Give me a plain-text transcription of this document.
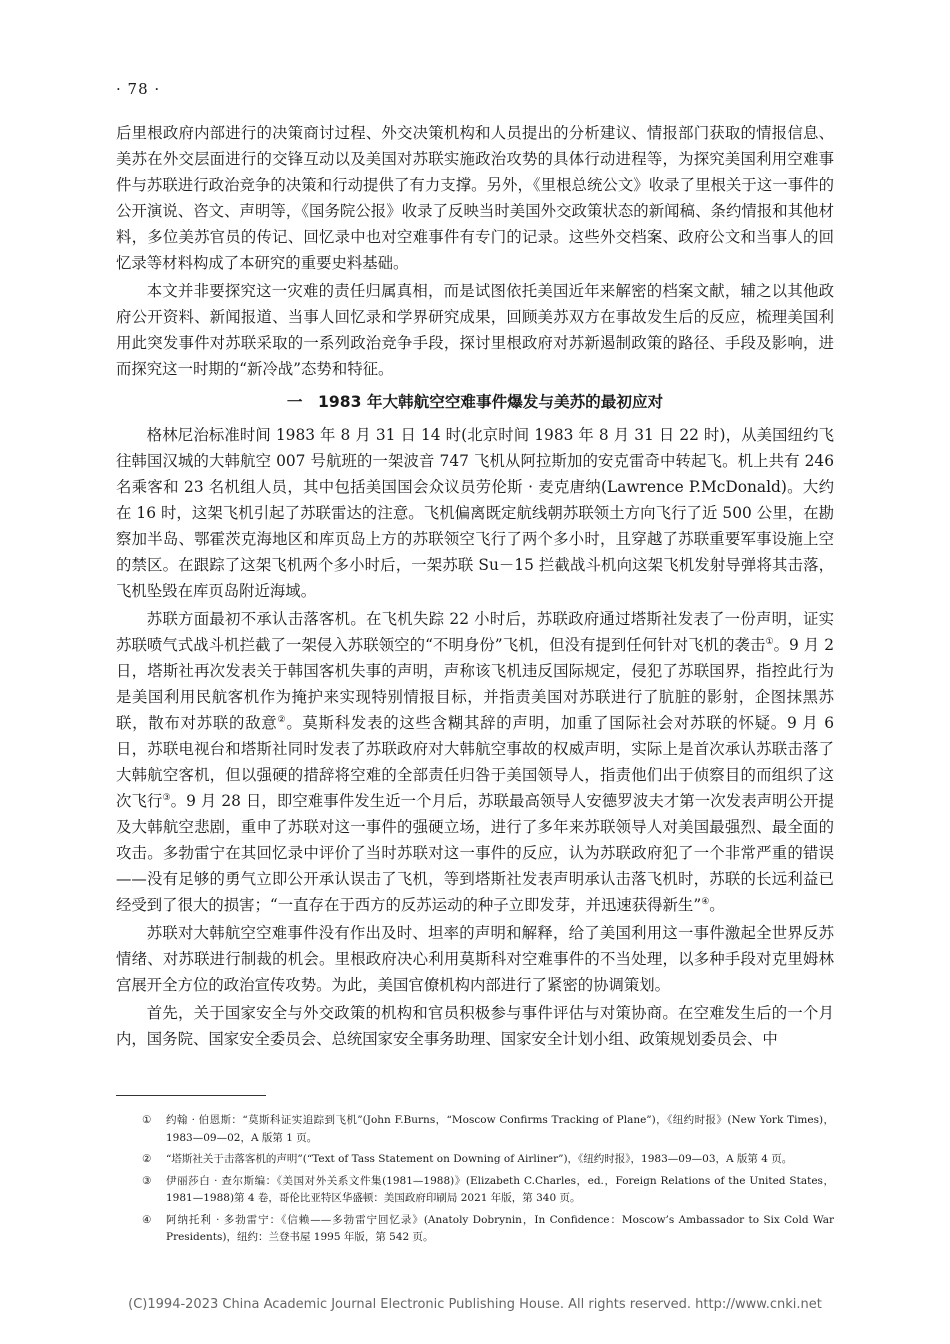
· 78 ·

后里根政府内部进行的决策商讨过程、外交决策机构和人员提出的分析建议、情报部门获取的情报信息、美苏在外交层面进行的交锋互动以及美国对苏联实施政治攻势的具体行动进程等，为探究美国利用空难事件与苏联进行政治竞争的决策和行动提供了有力支撑。另外，《里根总统公文》收录了里根关于这一事件的公开演说、咨文、声明等，《国务院公报》收录了反映当时美国外交政策状态的新闻稿、条约情报和其他材料，多位美苏官员的传记、回忆录中也对空难事件有专门的记录。这些外交档案、政府公文和当事人的回忆录等材料构成了本研究的重要史料基础。

本文并非要探究这一灾难的责任归属真相，而是试图依托美国近年来解密的档案文献，辅之以其他政府公开资料、新闻报道、当事人回忆录和学界研究成果，回顾美苏双方在事故发生后的反应，梳理美国利用此突发事件对苏联采取的一系列政治竞争手段，探讨里根政府对苏新遏制政策的路径、手段及影响，进而探究这一时期的“新冷战”态势和特征。

一　1983 年大韩航空空难事件爆发与美苏的最初应对

格林尼治标准时间 1983 年 8 月 31 日 14 时(北京时间 1983 年 8 月 31 日 22 时)，从美国纽约飞往韩国汉城的大韩航空 007 号航班的一架波音 747 飞机从阿拉斯加的安克雷奇中转起飞。机上共有 246 名乘客和 23 名机组人员，其中包括美国国会众议员劳伦斯 · 麦克唐纳(Lawrence P.McDonald)。大约在 16 时，这架飞机引起了苏联雷达的注意。飞机偏离既定航线朝苏联领土方向飞行了近 500 公里，在勘察加半岛、鄂霍茨克海地区和库页岛上方的苏联领空飞行了两个多小时，且穿越了苏联重要军事设施上空的禁区。在跟踪了这架飞机两个多小时后，一架苏联 Su－15 拦截战斗机向这架飞机发射导弹将其击落，飞机坠毁在库页岛附近海域。

苏联方面最初不承认击落客机。在飞机失踪 22 小时后，苏联政府通过塔斯社发表了一份声明，证实苏联喷气式战斗机拦截了一架侵入苏联领空的“不明身份”飞机，但没有提到任何针对飞机的袭击①。9 月 2 日，塔斯社再次发表关于韩国客机失事的声明，声称该飞机违反国际规定，侵犯了苏联国界，指控此行为是美国利用民航客机作为掩护来实现特别情报目标，并指责美国对苏联进行了肮脏的影射，企图抹黑苏联，散布对苏联的敌意②。莫斯科发表的这些含糊其辞的声明，加重了国际社会对苏联的怀疑。9 月 6 日，苏联电视台和塔斯社同时发表了苏联政府对大韩航空事故的权威声明，实际上是首次承认苏联击落了大韩航空客机，但以强硬的措辞将空难的全部责任归咎于美国领导人，指责他们出于侦察目的而组织了这次飞行③。9 月 28 日，即空难事件发生近一个月后，苏联最高领导人安德罗波夫才第一次发表声明公开提及大韩航空悲剧，重申了苏联对这一事件的强硬立场，进行了多年来苏联领导人对美国最强烈、最全面的攻击。多勃雷宁在其回忆录中评价了当时苏联对这一事件的反应，认为苏联政府犯了一个非常严重的错误——没有足够的勇气立即公开承认误击了飞机，等到塔斯社发表声明承认击落飞机时，苏联的长远利益已经受到了很大的损害；“一直存在于西方的反苏运动的种子立即发芽，并迅速获得新生”④。

苏联对大韩航空空难事件没有作出及时、坦率的声明和解释，给了美国利用这一事件激起全世界反苏情绪、对苏联进行制裁的机会。里根政府决心利用莫斯科对空难事件的不当处理，以多种手段对克里姆林宫展开全方位的政治宣传攻势。为此，美国官僚机构内部进行了紧密的协调策划。

首先，关于国家安全与外交政策的机构和官员积极参与事件评估与对策协商。在空难发生后的一个月内，国务院、国家安全委员会、总统国家安全事务助理、国家安全计划小组、政策规划委员会、中

① 约翰 · 伯恩斯：“莫斯科证实追踪到飞机”(John F.Burns，“Moscow Confirms Tracking of Plane”)，《纽约时报》(New York Times)，1983—09—02，A 版第 1 页。
② “塔斯社关于击落客机的声明”(“Text of Tass Statement on Downing of Airliner”)，《纽约时报》，1983—09—03，A 版第 4 页。
③ 伊丽莎白 · 查尔斯编：《美国对外关系文件集(1981—1988)》(Elizabeth C.Charles，ed.，Foreign Relations of the United States，1981—1988)第 4 卷，哥伦比亚特区华盛顿：美国政府印刷局 2021 年版，第 340 页。
④ 阿纳托利 · 多勃雷宁：《信赖——多勃雷宁回忆录》(Anatoly Dobrynin，In Confidence：Moscow’s Ambassador to Six Cold War Presidents)，纽约：兰登书屋 1995 年版，第 542 页。
(C)1994-2023 China Academic Journal Electronic Publishing House. All rights reserved. http://www.cnki.net
